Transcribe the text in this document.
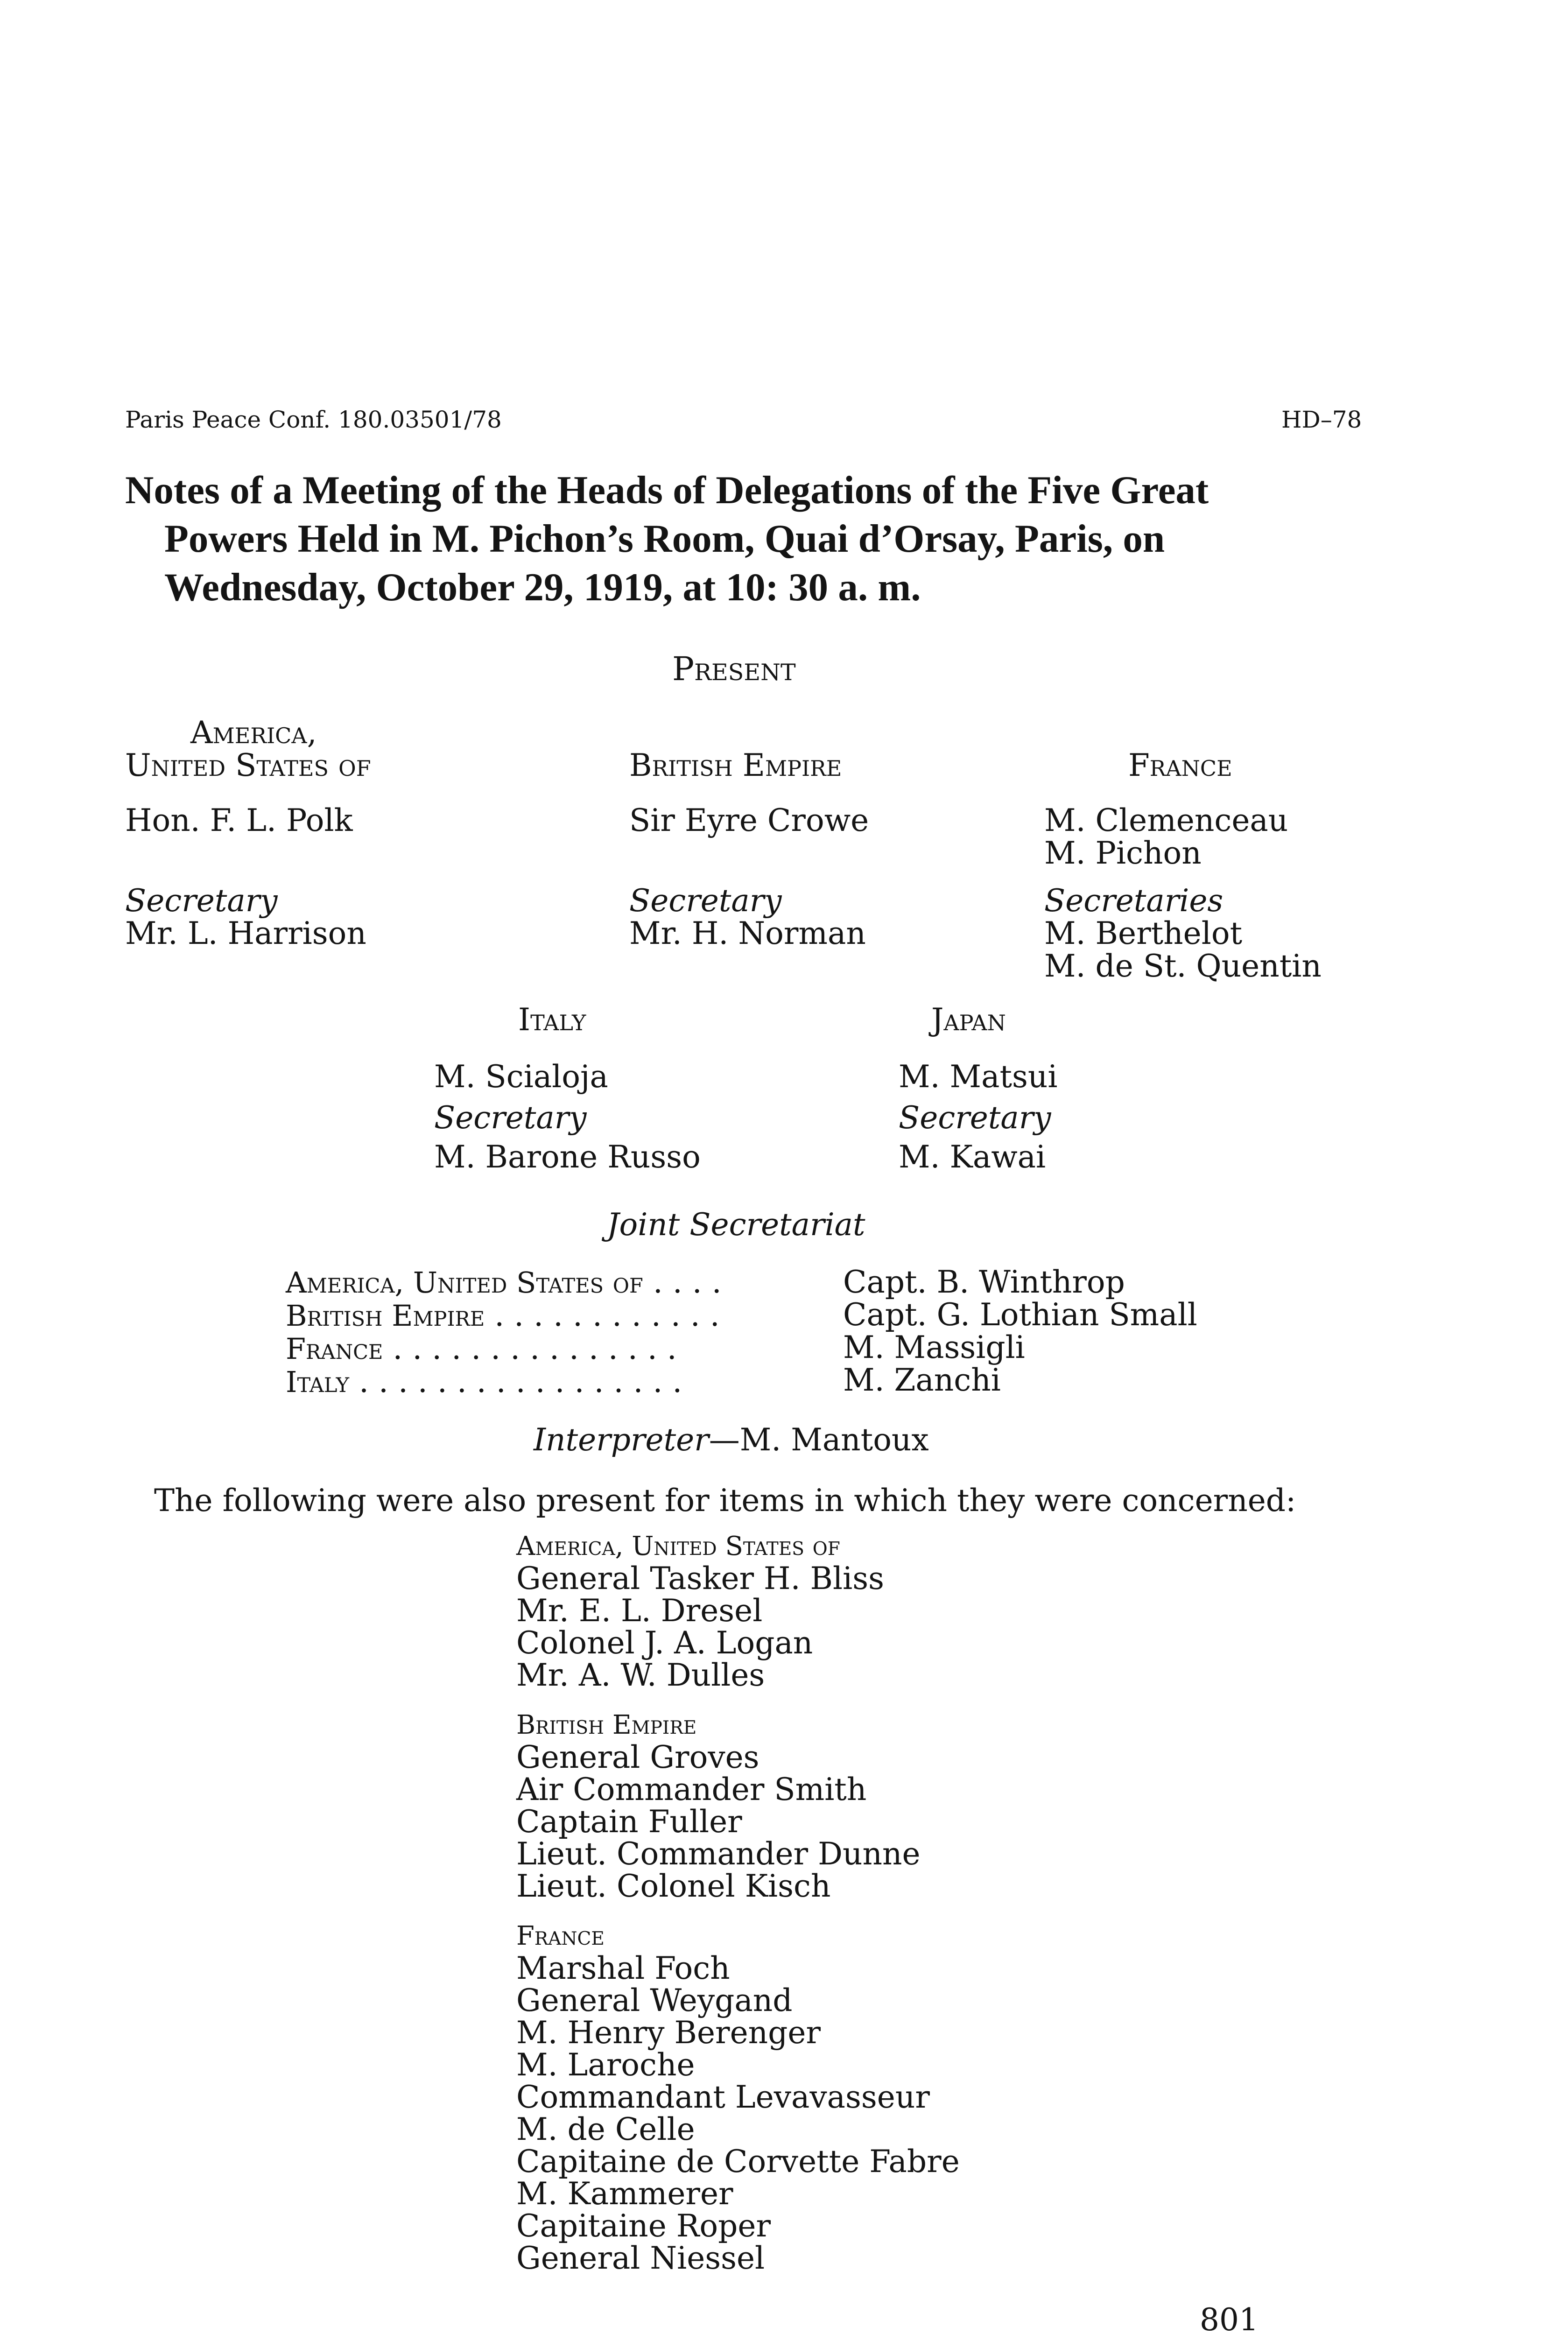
Paris Peace Conf. 180.03501/78	HD–78
Notes of a Meeting of the Heads of Delegations of the Five Great
Powers Held in M. Pichon’s Room, Quai d’Orsay, Paris, on
Wednesday, October 29, 1919, at 10: 30 a. m.
Present
America,
United States of
Hon. F. L. Polk
Secretary
Mr. L. Harrison
British Empire
Sir Eyre Crowe
Secretary
Mr. H. Norman
France
M. Clemenceau
M. Pichon
Secretaries
M. Berthelot
M. de St. Quentin
Italy
M. Scialoja
Secretary
M. Barone Russo
Japan
M. Matsui
Secretary
M. Kawai
Joint Secretariat
America, United States of . . . .
British Empire . . . . . . . . . . . .
France . . . . . . . . . . . . . . .
Italy . . . . . . . . . . . . . . . . .
Capt. B. Winthrop
Capt. G. Lothian Small
M. Massigli
M. Zanchi
Interpreter—M. Mantoux
The following were also present for items in which they were concerned:
America, United States of
General Tasker H. Bliss
Mr. E. L. Dresel
Colonel J. A. Logan
Mr. A. W. Dulles
British Empire
General Groves
Air Commander Smith
Captain Fuller
Lieut. Commander Dunne
Lieut. Colonel Kisch
France
Marshal Foch
General Weygand
M. Henry Berenger
M. Laroche
Commandant Levavasseur
M. de Celle
Capitaine de Corvette Fabre
M. Kammerer
Capitaine Roper
General Niessel
801
